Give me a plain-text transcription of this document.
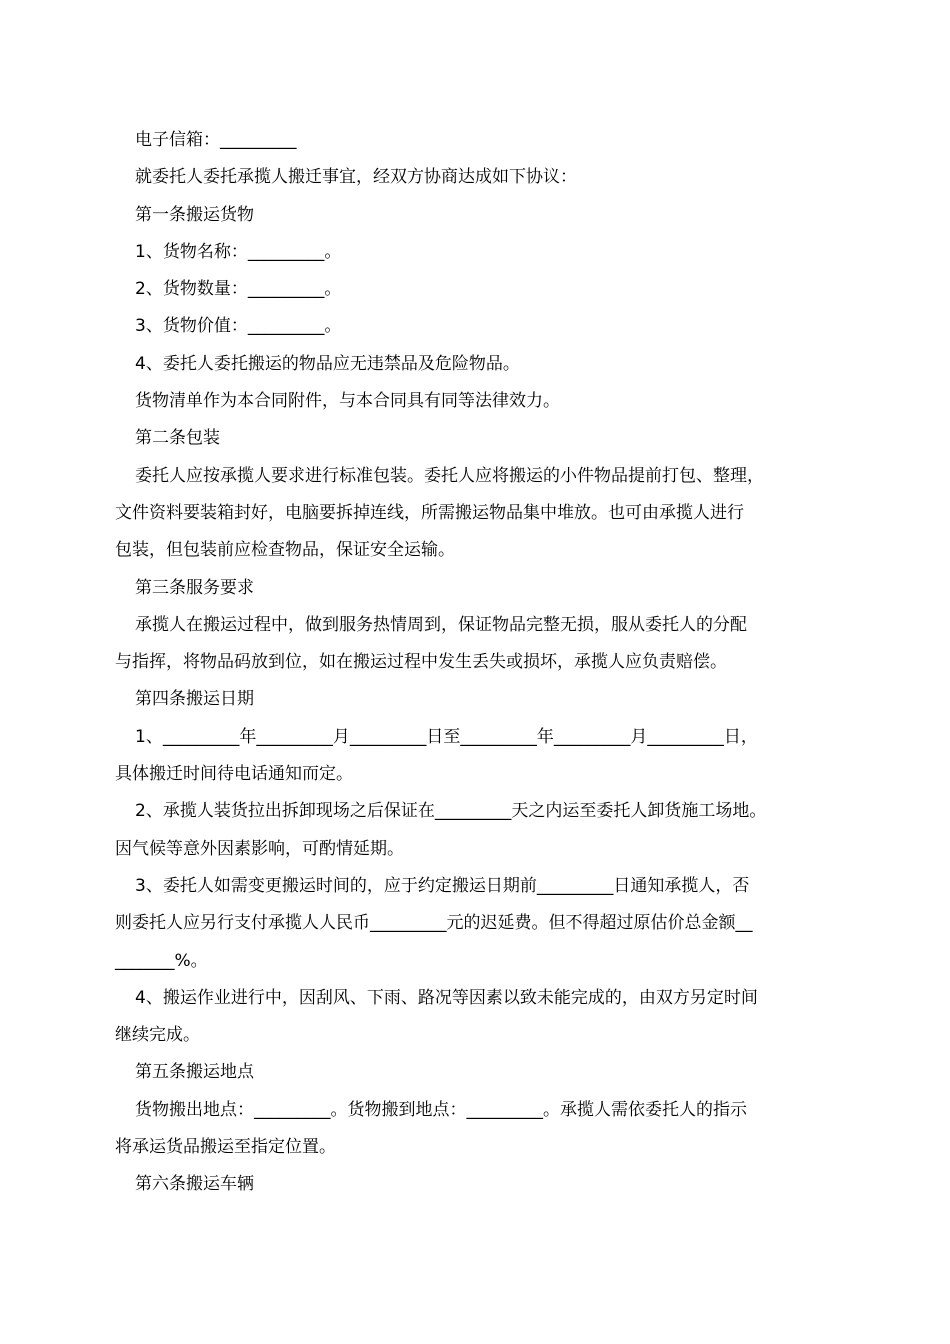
电子信箱：_________

就委托人委托承揽人搬迁事宜，经双方协商达成如下协议：

第一条搬运货物

1、货物名称：_________。

2、货物数量：_________。

3、货物价值：_________。

4、委托人委托搬运的物品应无违禁品及危险物品。

货物清单作为本合同附件，与本合同具有同等法律效力。

第二条包装

委托人应按承揽人要求进行标准包装。委托人应将搬运的小件物品提前打包、整理，

文件资料要装箱封好，电脑要拆掉连线，所需搬运物品集中堆放。也可由承揽人进行

包装，但包装前应检查物品，保证安全运输。

第三条服务要求

承揽人在搬运过程中，做到服务热情周到，保证物品完整无损，服从委托人的分配

与指挥，将物品码放到位，如在搬运过程中发生丢失或损坏，承揽人应负责赔偿。

第四条搬运日期

1、_________年_________月_________日至_________年_________月_________日，

具体搬迁时间待电话通知而定。

2、承揽人装货拉出拆卸现场之后保证在_________天之内运至委托人卸货施工场地。

因气候等意外因素影响，可酌情延期。

3、委托人如需变更搬运时间的，应于约定搬运日期前_________日通知承揽人，否

则委托人应另行支付承揽人人民币_________元的迟延费。但不得超过原估价总金额__

_______%。

4、搬运作业进行中，因刮风、下雨、路况等因素以致未能完成的，由双方另定时间

继续完成。

第五条搬运地点

货物搬出地点：_________。货物搬到地点：_________。承揽人需依委托人的指示

将承运货品搬运至指定位置。

第六条搬运车辆
